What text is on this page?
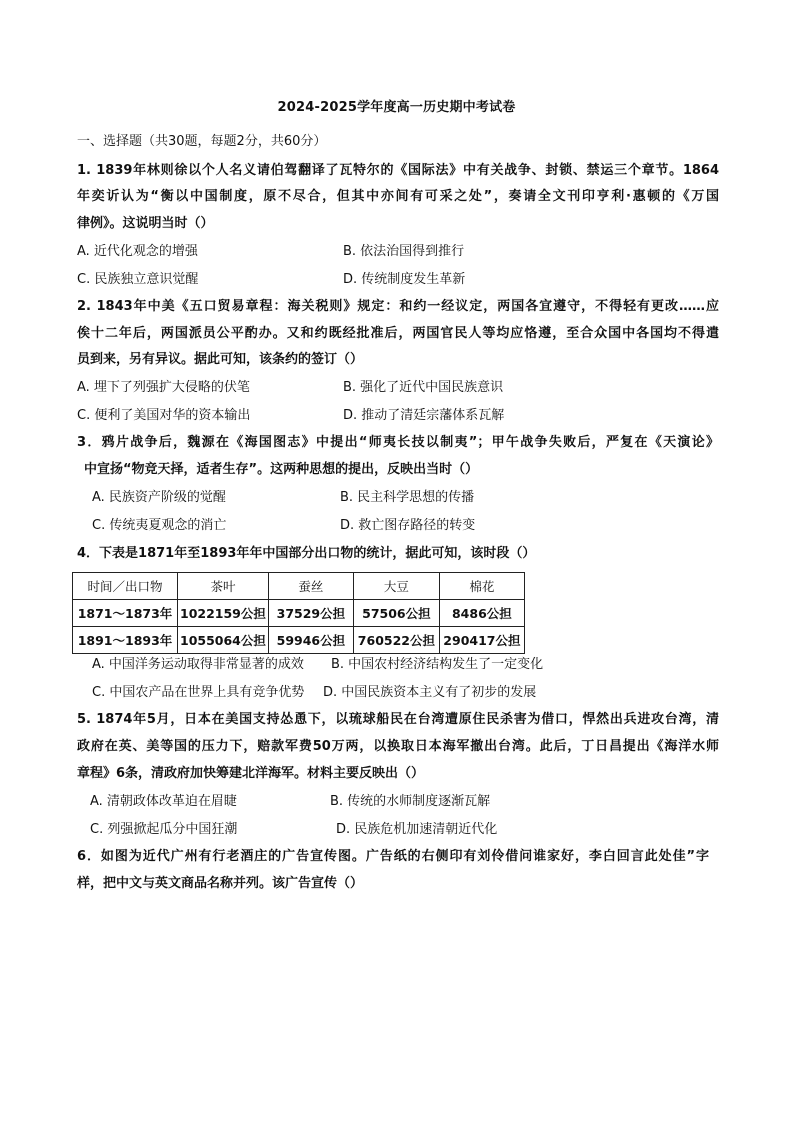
2024-2025学年度高一历史期中考试卷
一、选择题（共30题，每题2分，共60分）
1. 1839年林则徐以个人名义请伯驾翻译了瓦特尔的《国际法》中有关战争、封锁、禁运三个章节。1864
年奕䜣认为“衡以中国制度，原不尽合，但其中亦间有可采之处”，奏请全文刊印亨利·惠顿的《万国
律例》。这说明当时（）
A. 近代化观念的增强	B. 依法治国得到推行
C. 民族独立意识觉醒	D. 传统制度发生革新
2. 1843年中美《五口贸易章程：海关税则》规定：和约一经议定，两国各宜遵守，不得轻有更改……应
俟十二年后，两国派员公平酌办。又和约既经批准后，两国官民人等均应恪遵，至合众国中各国均不得遣
员到来，另有异议。据此可知，该条约的签订（）
A. 埋下了列强扩大侵略的伏笔	B. 强化了近代中国民族意识
C. 便利了美国对华的资本输出	D. 推动了清廷宗藩体系瓦解
3．鸦片战争后，魏源在《海国图志》中提出“师夷长技以制夷”；甲午战争失败后，严复在《天演论》
中宣扬“物竞天择，适者生存”。这两种思想的提出，反映出当时（）
A. 民族资产阶级的觉醒	B. 民主科学思想的传播
C. 传统夷夏观念的消亡	D. 救亡图存路径的转变
4．下表是1871年至1893年年中国部分出口物的统计，据此可知，该时段（）
时间／出口物	茶叶	蚕丝	大豆	棉花
1871～1873年	1022159公担	37529公担	57506公担	8486公担
1891～1893年	1055064公担	59946公担	760522公担	290417公担
A. 中国洋务运动取得非常显著的成效 B. 中国农村经济结构发生了一定变化
C. 中国农产品在世界上具有竞争优势 D. 中国民族资本主义有了初步的发展
5. 1874年5月，日本在美国支持怂恿下，以琉球船民在台湾遭原住民杀害为借口，悍然出兵进攻台湾，清
政府在英、美等国的压力下，赔款军费50万两，以换取日本海军撤出台湾。此后，丁日昌提出《海洋水师
章程》6条，清政府加快筹建北洋海军。材料主要反映出（）
A. 清朝政体改革迫在眉睫	B. 传统的水师制度逐渐瓦解
C. 列强掀起瓜分中国狂潮	D. 民族危机加速清朝近代化
6．如图为近代广州有行老酒庄的广告宣传图。广告纸的右侧印有刘伶借问谁家好，李白回言此处佳”字
样，把中文与英文商品名称并列。该广告宣传（）
